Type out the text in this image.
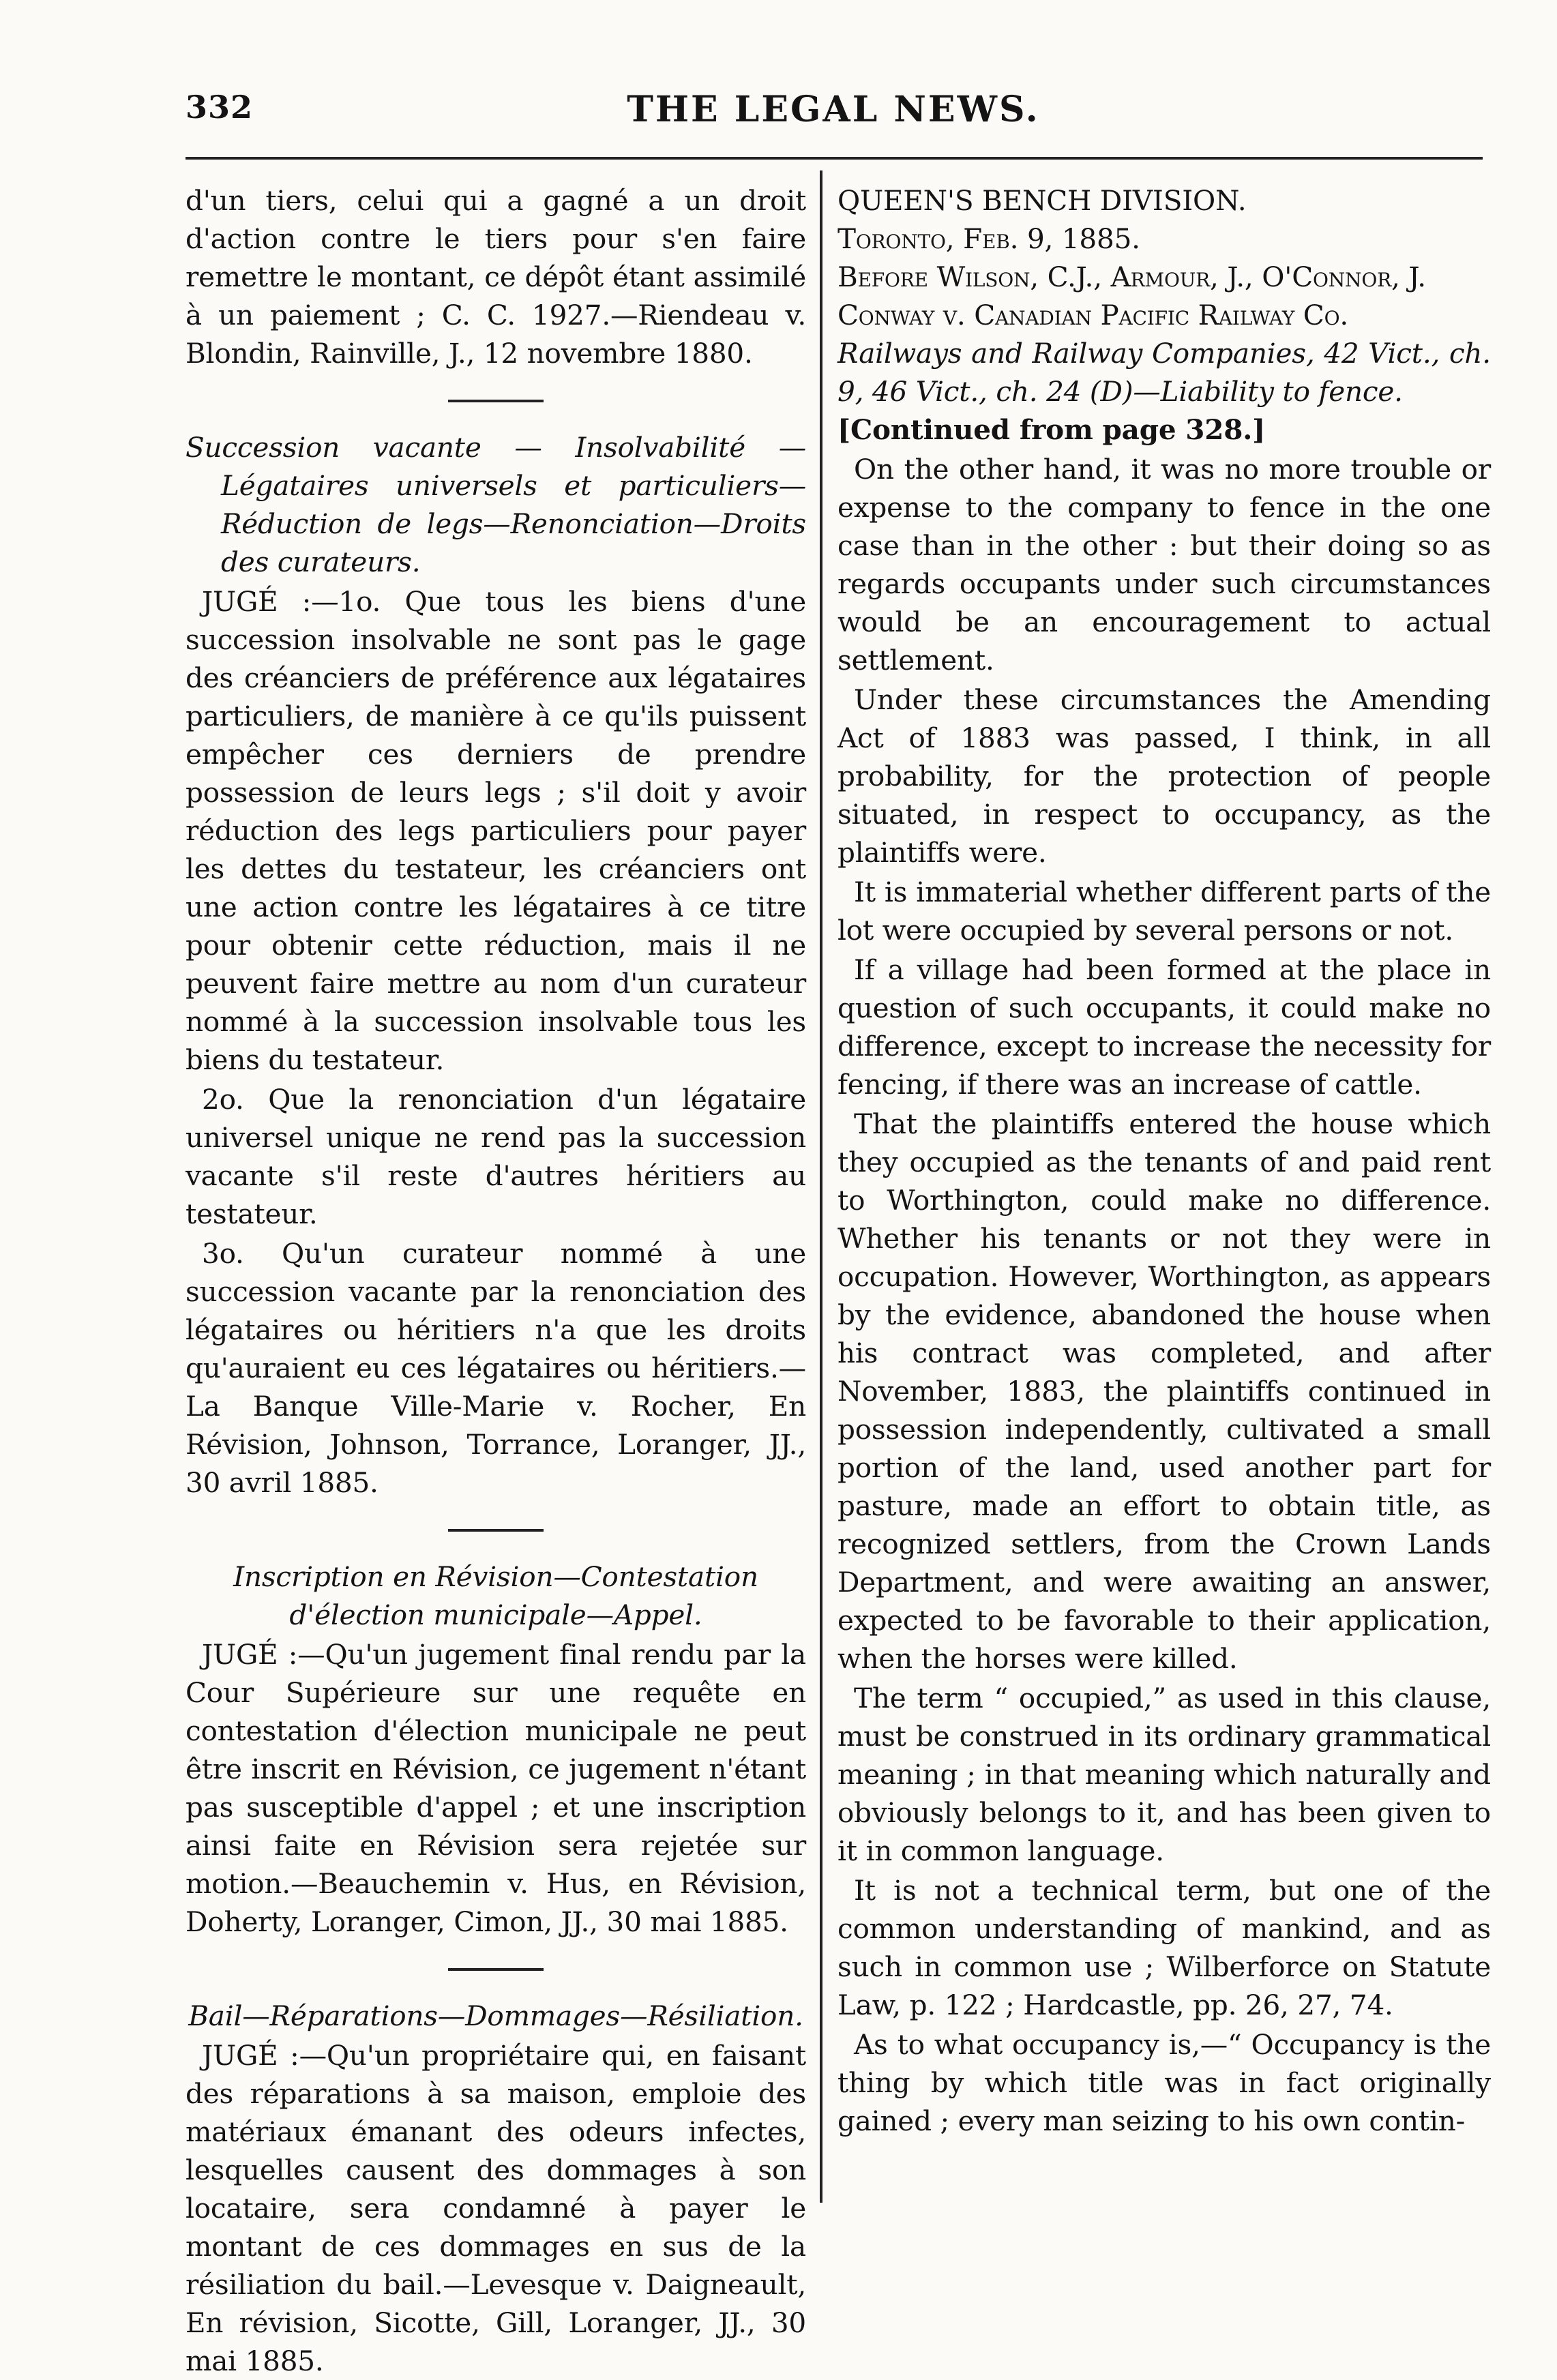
332	THE LEGAL NEWS.

d'un tiers, celui qui a gagné a un droit d'action contre le tiers pour s'en faire remettre le montant, ce dépôt étant assimilé à un paiement ; C. C. 1927.—Riendeau v. Blondin, Rainville, J., 12 novembre 1880.

Succession vacante — Insolvabilité — Légataires universels et particuliers—Réduction de legs—Renonciation—Droits des curateurs.

JUGÉ :—1o. Que tous les biens d'une succession insolvable ne sont pas le gage des créanciers de préférence aux légataires particuliers, de manière à ce qu'ils puissent empêcher ces derniers de prendre possession de leurs legs ; s'il doit y avoir réduction des legs particuliers pour payer les dettes du testateur, les créanciers ont une action contre les légataires à ce titre pour obtenir cette réduction, mais il ne peuvent faire mettre au nom d'un curateur nommé à la succession insolvable tous les biens du testateur.

2o. Que la renonciation d'un légataire universel unique ne rend pas la succession vacante s'il reste d'autres héritiers au testateur.

3o. Qu'un curateur nommé à une succession vacante par la renonciation des légataires ou héritiers n'a que les droits qu'auraient eu ces légataires ou héritiers.—La Banque Ville-Marie v. Rocher, En Révision, Johnson, Torrance, Loranger, JJ., 30 avril 1885.

Inscription en Révision—Contestation d'élection municipale—Appel.

JUGÉ :—Qu'un jugement final rendu par la Cour Supérieure sur une requête en contestation d'élection municipale ne peut être inscrit en Révision, ce jugement n'étant pas susceptible d'appel ; et une inscription ainsi faite en Révision sera rejetée sur motion.—Beauchemin v. Hus, en Révision, Doherty, Loranger, Cimon, JJ., 30 mai 1885.

Bail—Réparations—Dommages—Résiliation.

JUGÉ :—Qu'un propriétaire qui, en faisant des réparations à sa maison, emploie des matériaux émanant des odeurs infectes, lesquelles causent des dommages à son locataire, sera condamné à payer le montant de ces dommages en sus de la résiliation du bail.—Levesque v. Daigneault, En révision, Sicotte, Gill, Loranger, JJ., 30 mai 1885.

QUEEN'S BENCH DIVISION.

Toronto, Feb. 9, 1885.

Before Wilson, C.J., Armour, J., O'Connor, J.

Conway v. Canadian Pacific Railway Co.

Railways and Railway Companies, 42 Vict., ch. 9, 46 Vict., ch. 24 (D)—Liability to fence.

[Continued from page 328.]

On the other hand, it was no more trouble or expense to the company to fence in the one case than in the other : but their doing so as regards occupants under such circumstances would be an encouragement to actual settlement.

Under these circumstances the Amending Act of 1883 was passed, I think, in all probability, for the protection of people situated, in respect to occupancy, as the plaintiffs were.

It is immaterial whether different parts of the lot were occupied by several persons or not.

If a village had been formed at the place in question of such occupants, it could make no difference, except to increase the necessity for fencing, if there was an increase of cattle.

That the plaintiffs entered the house which they occupied as the tenants of and paid rent to Worthington, could make no difference. Whether his tenants or not they were in occupation. However, Worthington, as appears by the evidence, abandoned the house when his contract was completed, and after November, 1883, the plaintiffs continued in possession independently, cultivated a small portion of the land, used another part for pasture, made an effort to obtain title, as recognized settlers, from the Crown Lands Department, and were awaiting an answer, expected to be favorable to their application, when the horses were killed.

The term “ occupied,” as used in this clause, must be construed in its ordinary grammatical meaning ; in that meaning which naturally and obviously belongs to it, and has been given to it in common language.

It is not a technical term, but one of the common understanding of mankind, and as such in common use ; Wilberforce on Statute Law, p. 122 ; Hardcastle, pp. 26, 27, 74.

As to what occupancy is,—“ Occupancy is the thing by which title was in fact originally gained ; every man seizing to his own contin-
